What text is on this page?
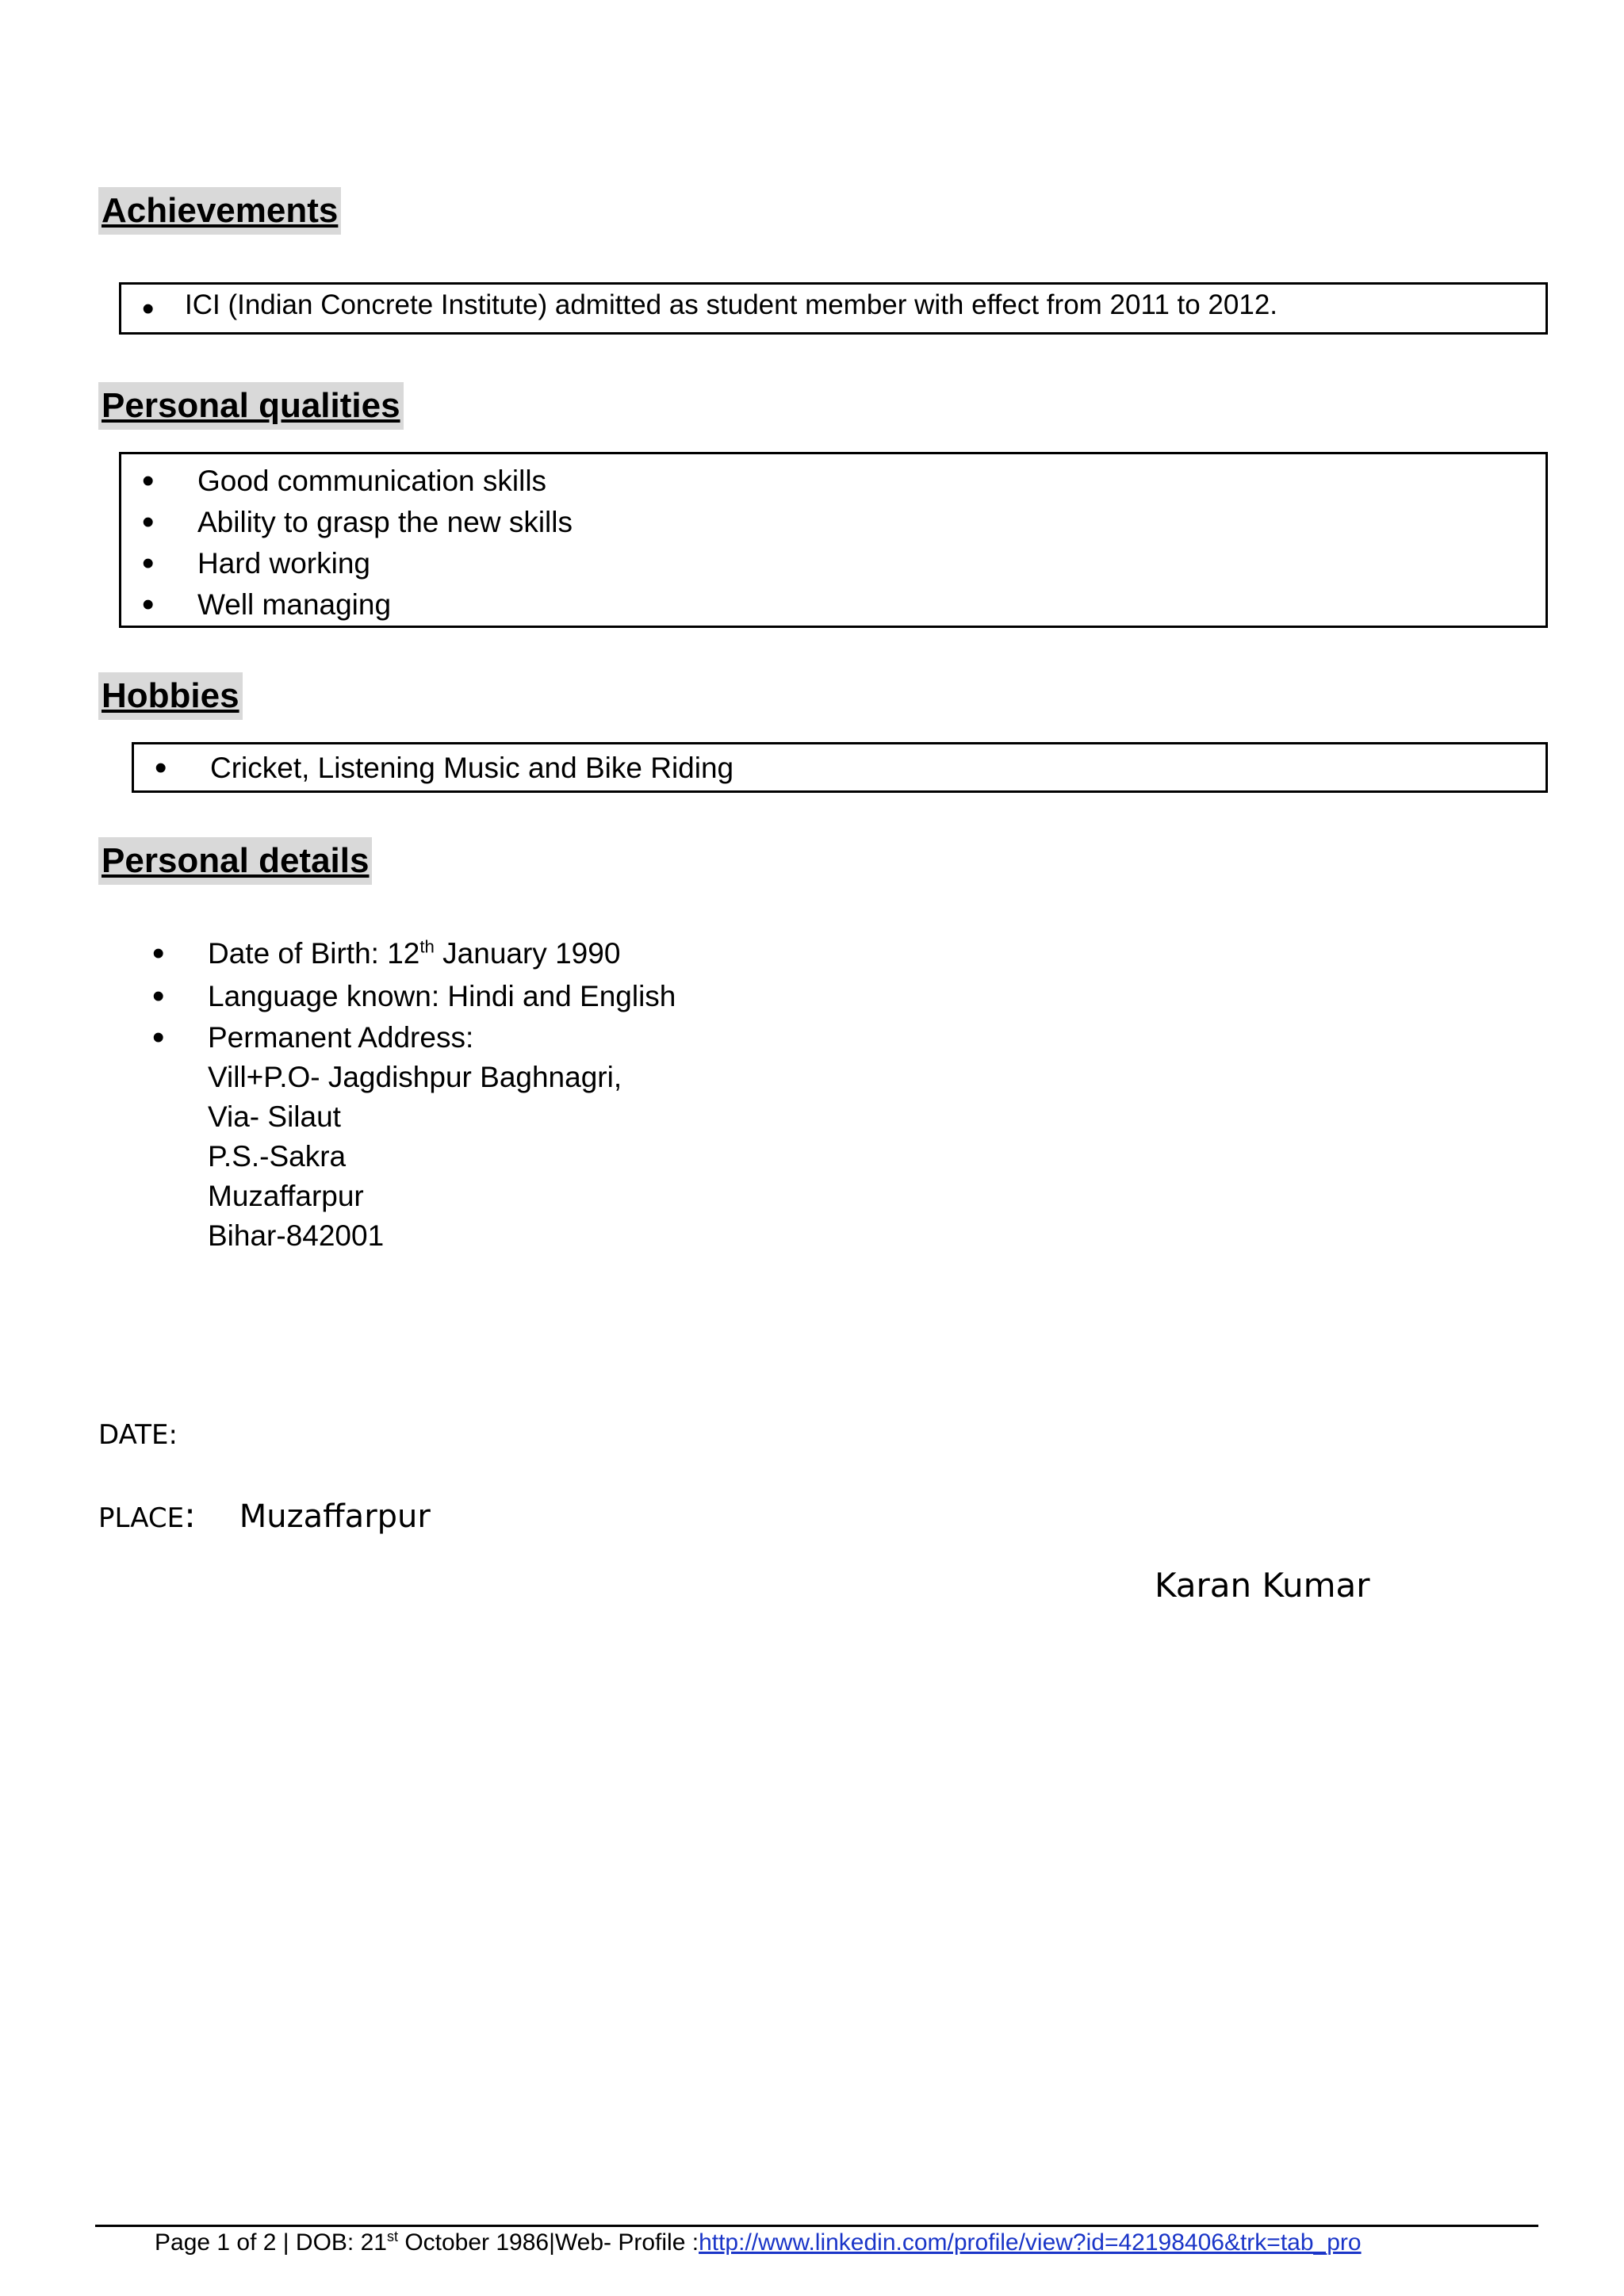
Achievements
• ICI (Indian Concrete Institute) admitted as student member with effect from 2011 to 2012.
Personal qualities
• Good communication skills
• Ability to grasp the new skills
• Hard working
• Well managing
Hobbies
• Cricket, Listening Music and Bike Riding
Personal details
• Date of Birth: 12th January 1990
• Language known: Hindi and English
• Permanent Address:
Vill+P.O- Jagdishpur Baghnagri,
Via- Silaut
P.S.-Sakra
Muzaffarpur
Bihar-842001
DATE:
PLACE: Muzaffarpur
Karan Kumar
Page 1 of 2 | DOB: 21st October 1986|Web- Profile :http://www.linkedin.com/profile/view?id=42198406&trk=tab_pro
